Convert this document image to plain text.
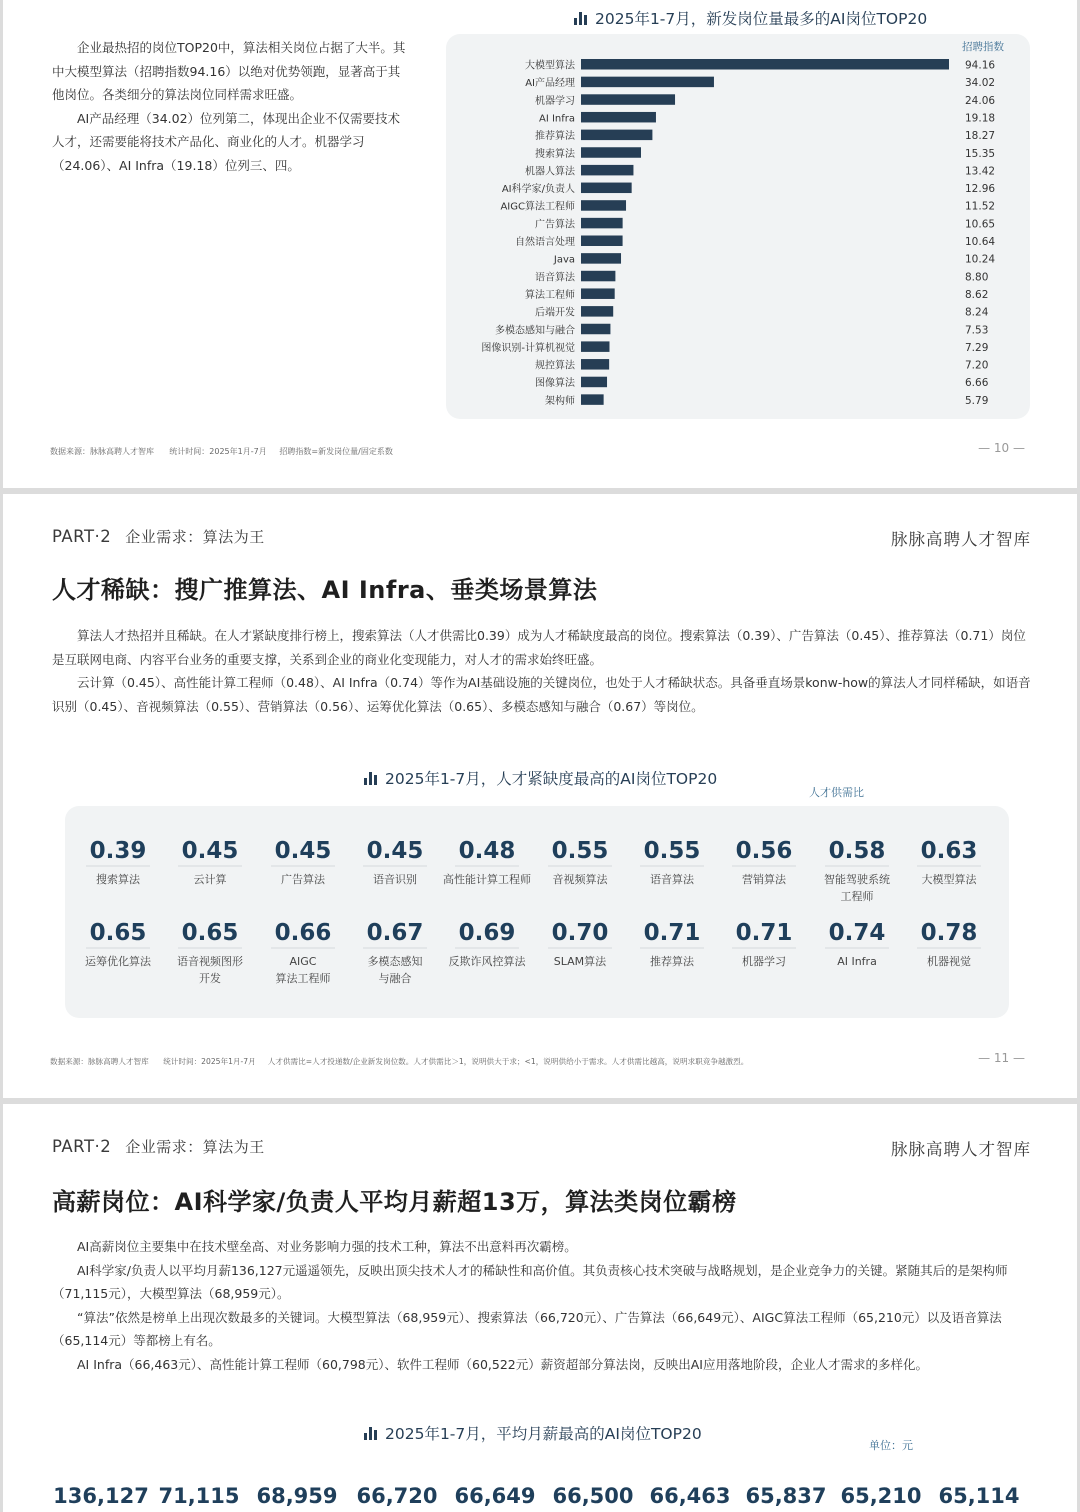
企业最热招的岗位TOP20中，算法相关岗位占据了大半。其中大模型算法（招聘指数94.16）以绝对优势领跑，显著高于其他岗位。各类细分的算法岗位同样需求旺盛。

AI产品经理（34.02）位列第二，体现出企业不仅需要技术人才，还需要能将技术产品化、商业化的人才。机器学习（24.06）、AI Infra（19.18）位列三、四。

2025年1-7月，新发岗位量最多的AI岗位TOP20
招聘指数
大模型算法	94.16
AI产品经理	34.02
机器学习	24.06
AI Infra	19.18
推荐算法	18.27
搜索算法	15.35
机器人算法	13.42
AI科学家/负责人	12.96
AIGC算法工程师	11.52
广告算法	10.65
自然语言处理	10.64
Java	10.24
语音算法	8.80
算法工程师	8.62
后端开发	8.24
多模态感知与融合	7.53
图像识别-计算机视觉	7.29
规控算法	7.20
图像算法	6.66
架构师	5.79
数据来源：脉脉高聘人才智库 统计时间：2025年1月-7月 招聘指数=新发岗位量/固定系数	— 10 —
PART·2 企业需求：算法为王	脉脉高聘人才智库
人才稀缺：搜广推算法、AI Infra、垂类场景算法

算法人才热招并且稀缺。在人才紧缺度排行榜上，搜索算法（人才供需比0.39）成为人才稀缺度最高的岗位。搜索算法（0.39）、广告算法（0.45）、推荐算法（0.71）岗位是互联网电商、内容平台业务的重要支撑，关系到企业的商业化变现能力，对人才的需求始终旺盛。

云计算（0.45）、高性能计算工程师（0.48）、AI Infra（0.74）等作为AI基础设施的关键岗位，也处于人才稀缺状态。具备垂直场景konw-how的算法人才同样稀缺，如语音识别（0.45）、音视频算法（0.55）、营销算法（0.56）、运筹优化算法（0.65）、多模态感知与融合（0.67）等岗位。

2025年1-7月，人才紧缺度最高的AI岗位TOP20
人才供需比
0.39
搜索算法
0.45
云计算
0.45
广告算法
0.45
语音识别
0.48
高性能计算工程师
0.55
音视频算法
0.55
语音算法
0.56
营销算法
0.58
智能驾驶系统
工程师
0.63
大模型算法
0.65
运筹优化算法
0.65
语音视频图形
开发
0.66
AIGC
算法工程师
0.67
多模态感知
与融合
0.69
反欺诈风控算法
0.70
SLAM算法
0.71
推荐算法
0.71
机器学习
0.74
AI Infra
0.78
机器视觉
数据来源：脉脉高聘人才智库 统计时间：2025年1月-7月 人才供需比=人才投递数/企业新发岗位数。人才供需比＞1，说明供大于求；<1，说明供给小于需求。人才供需比越高，说明求职竞争越激烈。	— 11 —
PART·2 企业需求：算法为王	脉脉高聘人才智库
高薪岗位：AI科学家/负责人平均月薪超13万，算法类岗位霸榜

AI高薪岗位主要集中在技术壁垒高、对业务影响力强的技术工种，算法不出意料再次霸榜。

AI科学家/负责人以平均月薪136,127元遥遥领先，反映出顶尖技术人才的稀缺性和高价值。其负责核心技术突破与战略规划，是企业竞争力的关键。紧随其后的是架构师（71,115元），大模型算法（68,959元）。

“算法”依然是榜单上出现次数最多的关键词。大模型算法（68,959元）、搜索算法（66,720元）、广告算法（66,649元）、AIGC算法工程师（65,210元）以及语音算法（65,114元）等都榜上有名。

AI Infra（66,463元）、高性能计算工程师（60,798元）、软件工程师（60,522元）薪资超部分算法岗，反映出AI应用落地阶段，企业人才需求的多样化。

2025年1-7月，平均月薪最高的AI岗位TOP20
单位：元
136,127 71,115 68,959 66,720 66,649 66,500 66,463 65,837 65,210 65,114
